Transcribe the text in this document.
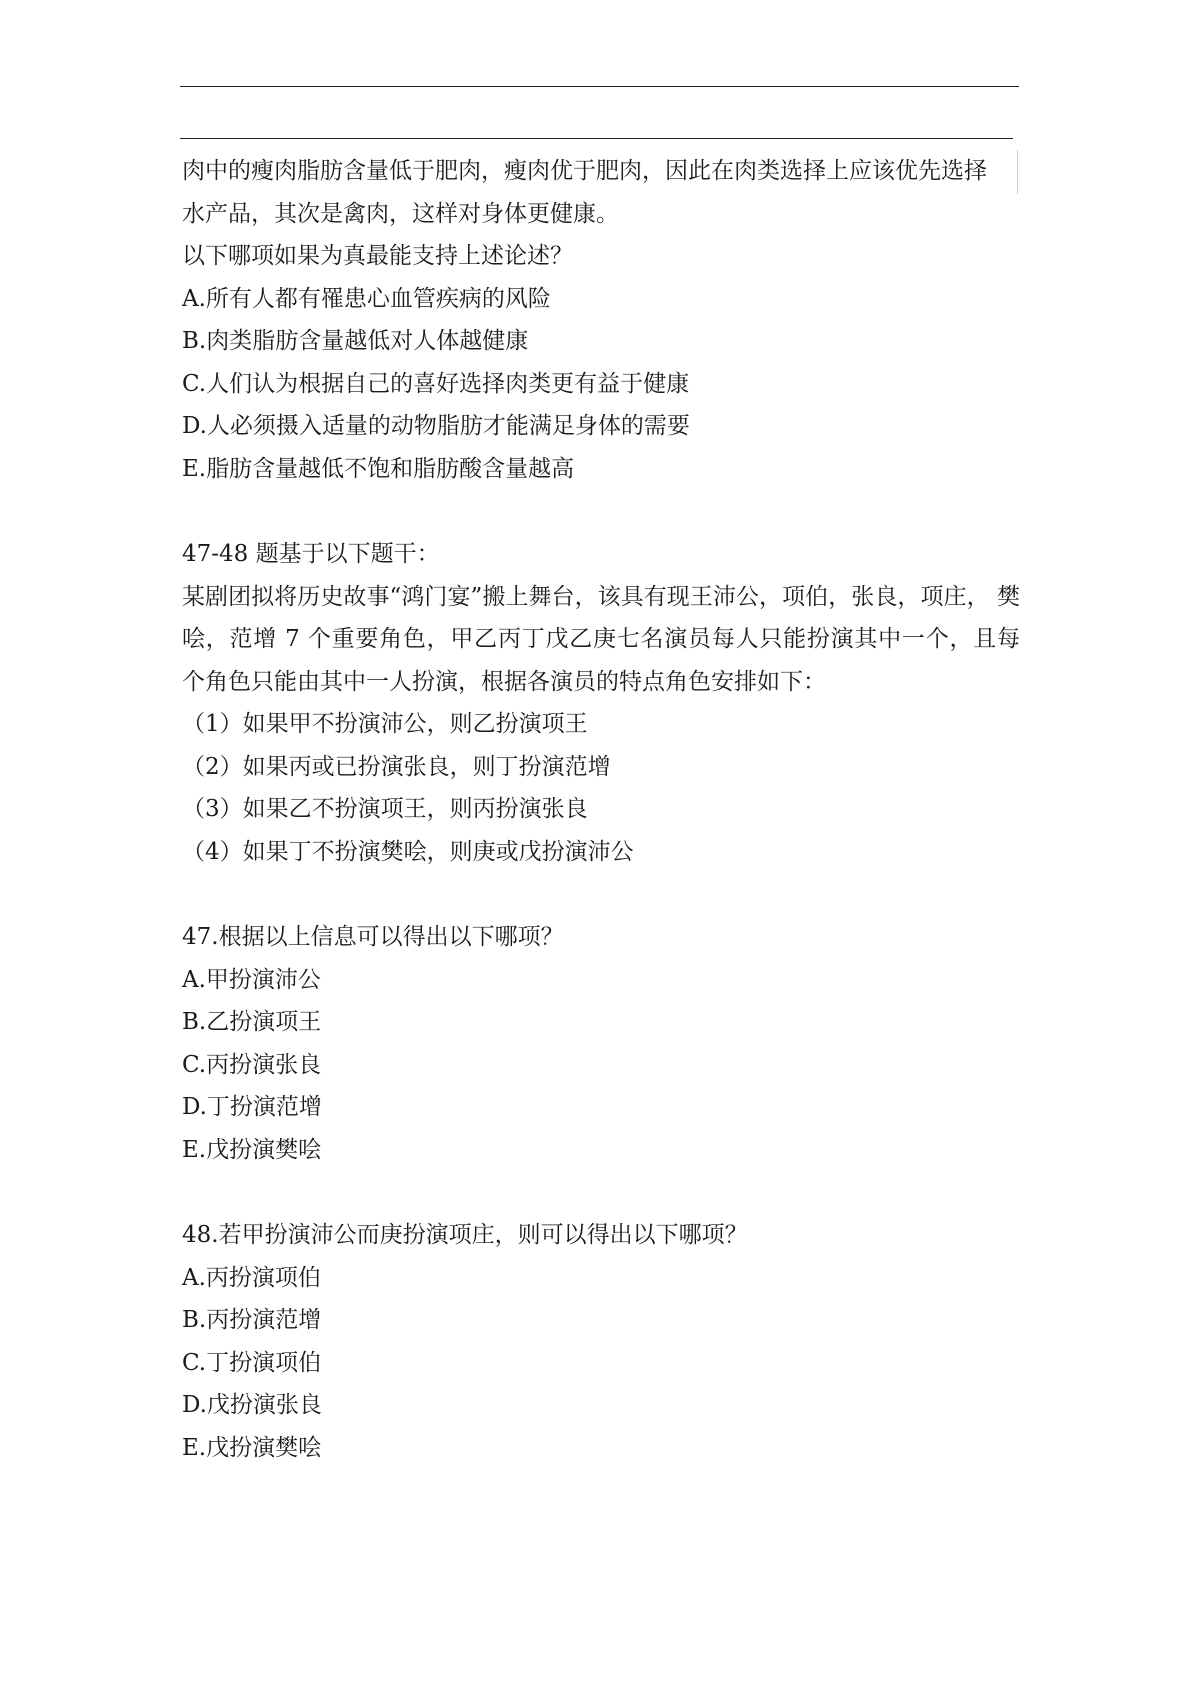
肉中的瘦肉脂肪含量低于肥肉，瘦肉优于肥肉，因此在肉类选择上应该优先选择
水产品，其次是禽肉，这样对身体更健康。
以下哪项如果为真最能支持上述论述？
A.所有人都有罹患心血管疾病的风险
B.肉类脂肪含量越低对人体越健康
C.人们认为根据自己的喜好选择肉类更有益于健康
D.人必须摄入适量的动物脂肪才能满足身体的需要
E.脂肪含量越低不饱和脂肪酸含量越高
47-48 题基于以下题干：
某剧团拟将历史故事“鸿门宴”搬上舞台，该具有现王沛公，项伯，张良，项庄， 樊
哙，范增 7 个重要角色，甲乙丙丁戊乙庚七名演员每人只能扮演其中一个，且每
个角色只能由其中一人扮演，根据各演员的特点角色安排如下：
（1）如果甲不扮演沛公，则乙扮演项王
（2）如果丙或已扮演张良，则丁扮演范增
（3）如果乙不扮演项王，则丙扮演张良
（4）如果丁不扮演樊哙，则庚或戊扮演沛公
47.根据以上信息可以得出以下哪项？
A.甲扮演沛公
B.乙扮演项王
C.丙扮演张良
D.丁扮演范增
E.戊扮演樊哙
48.若甲扮演沛公而庚扮演项庄，则可以得出以下哪项？
A.丙扮演项伯
B.丙扮演范增
C.丁扮演项伯
D.戊扮演张良
E.戊扮演樊哙
